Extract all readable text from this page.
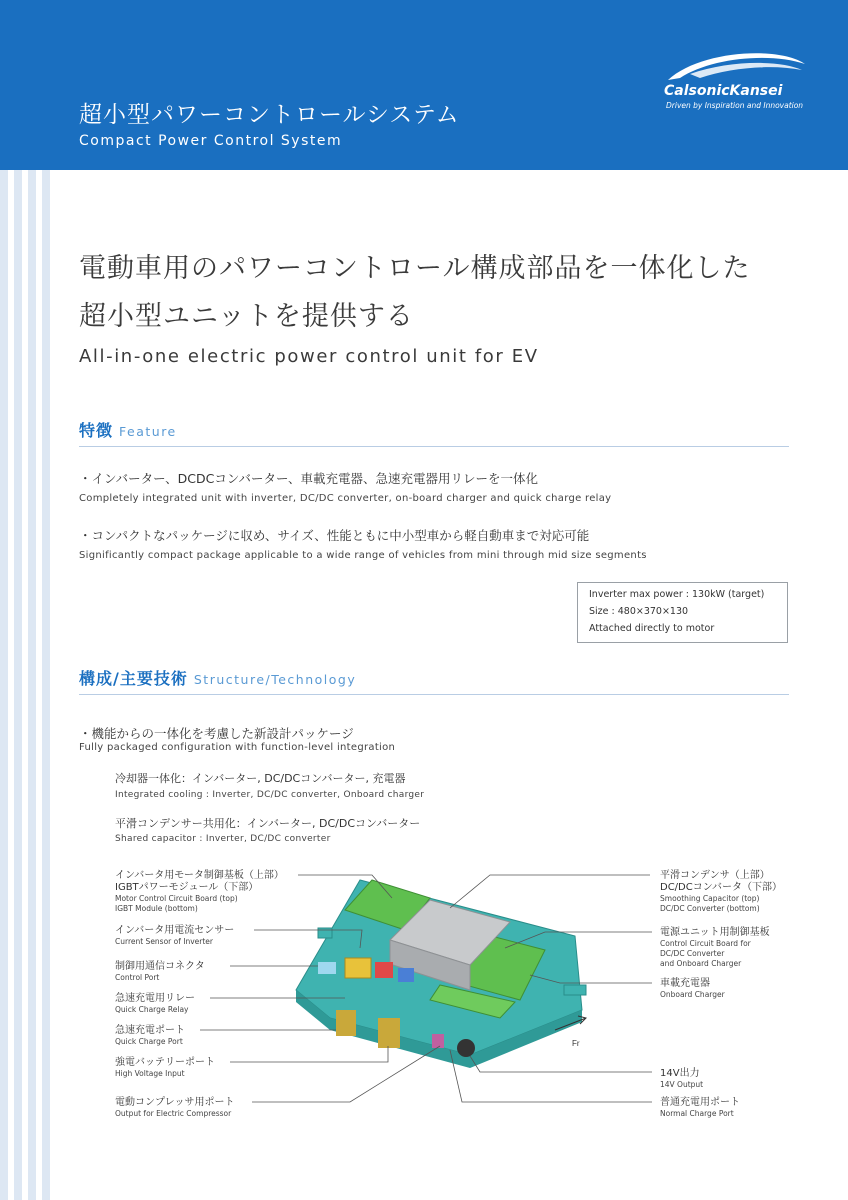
超小型パワーコントロールシステム
Compact Power Control System
CalsonicKansei
Driven by Inspiration and Innovation
電動車用のパワーコントロール構成部品を一体化した
超小型ユニットを提供する
All-in-one electric power control unit for EV
特徴 Feature
・インバーター、DCDCコンバーター、車載充電器、急速充電器用リレーを一体化
Completely integrated unit with inverter, DC/DC converter, on-board charger and quick charge relay
・コンパクトなパッケージに収め、サイズ、性能ともに中小型車から軽自動車まで対応可能
Significantly compact package applicable to a wide range of vehicles from mini through mid size segments
Inverter max power : 130kW (target)
Size : 480×370×130
Attached directly to motor
構成/主要技術 Structure/Technology
・機能からの一体化を考慮した新設計パッケージ
Fully packaged configuration with function-level integration
冷却器一体化：インバーター, DC/DCコンバーター, 充電器
Integrated cooling : Inverter, DC/DC converter, Onboard charger
平滑コンデンサー共用化：インバーター, DC/DCコンバーター
Shared capacitor : Inverter, DC/DC converter
Fr
インバータ用モータ制御基板（上部）
IGBTパワーモジュール（下部）
Motor Control Circuit Board (top)
IGBT Module (bottom)
インバータ用電流センサー
Current Sensor of Inverter
制御用通信コネクタ
Control Port
急速充電用リレー
Quick Charge Relay
急速充電ポート
Quick Charge Port
強電バッテリーポート
High Voltage Input
電動コンプレッサ用ポート
Output for Electric Compressor
平滑コンデンサ（上部）
DC/DCコンバータ（下部）
Smoothing Capacitor (top)
DC/DC Converter (bottom)
電源ユニット用制御基板
Control Circuit Board for
DC/DC Converter
and Onboard Charger
車載充電器
Onboard Charger
14V出力
14V Output
普通充電用ポート
Normal Charge Port
